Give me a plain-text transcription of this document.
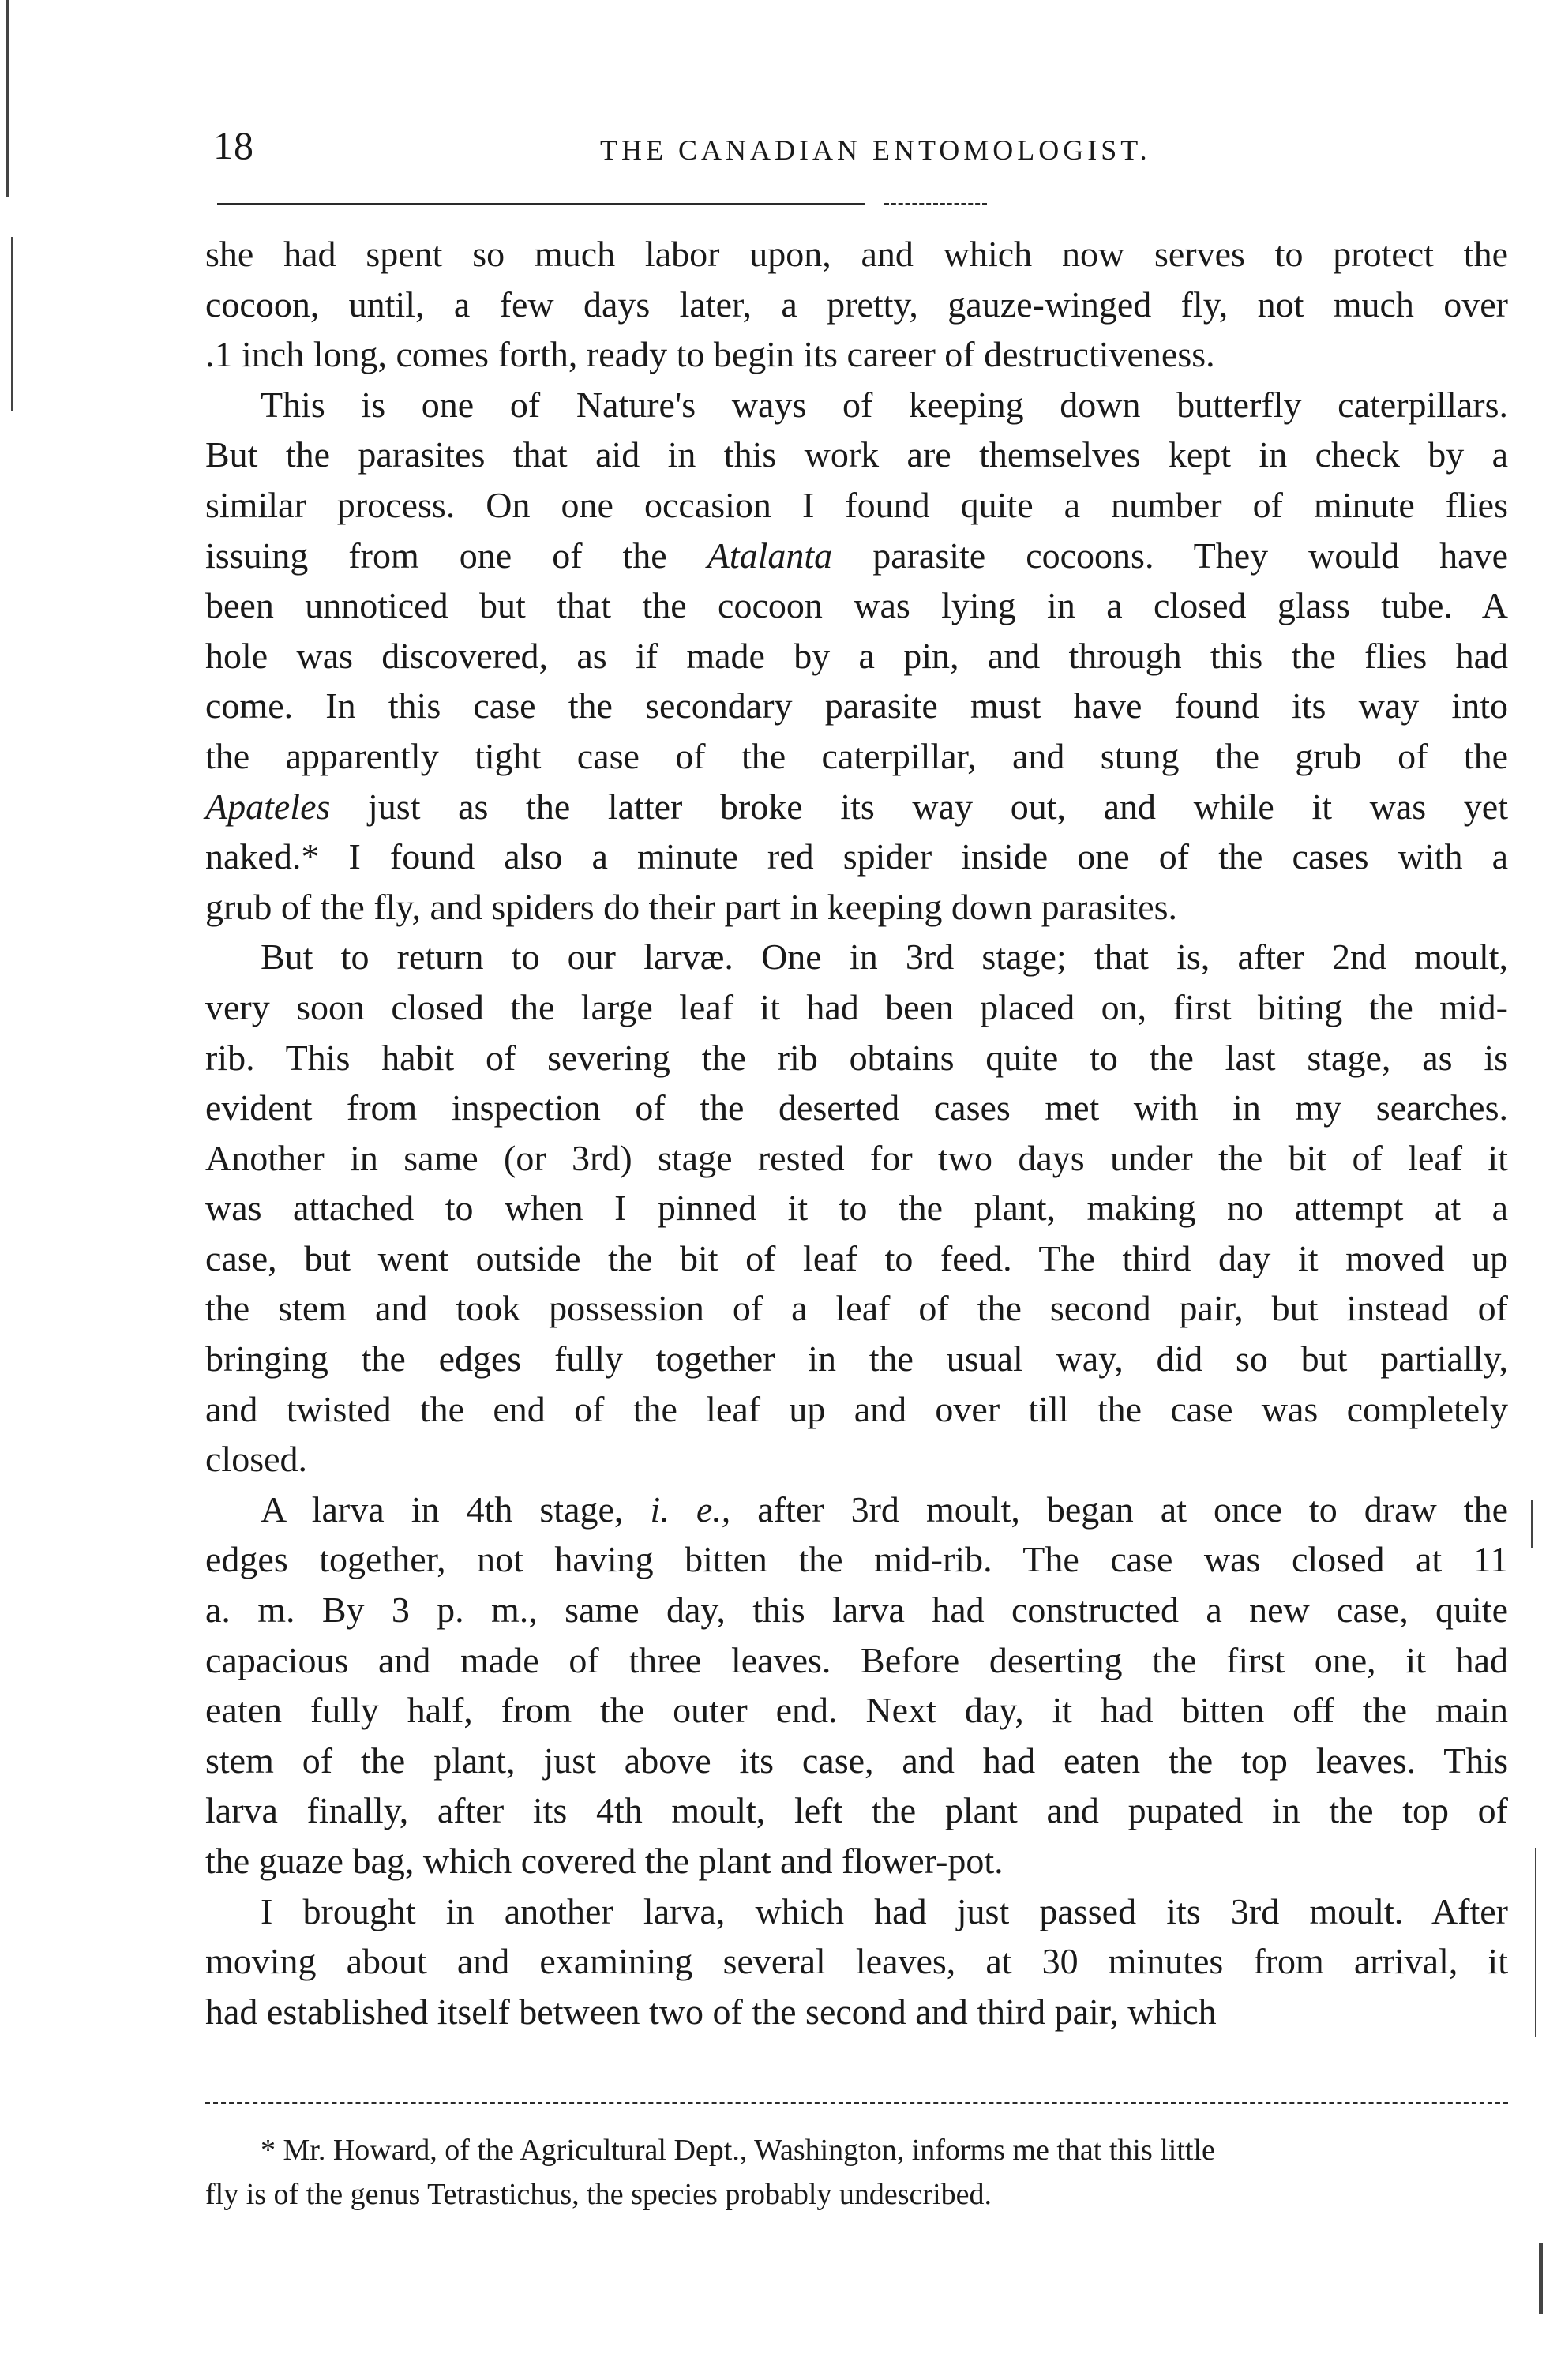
18	THE CANADIAN ENTOMOLOGIST.

she had spent so much labor upon, and which now serves to protect the
cocoon, until, a few days later, a pretty, gauze-winged fly, not much over
.1 inch long, comes forth, ready to begin its career of destructiveness.

This is one of Nature's ways of keeping down butterfly caterpillars.
But the parasites that aid in this work are themselves kept in check by a
similar process. On one occasion I found quite a number of minute flies
issuing from one of the Atalanta parasite cocoons. They would have
been unnoticed but that the cocoon was lying in a closed glass tube. A
hole was discovered, as if made by a pin, and through this the flies had
come. In this case the secondary parasite must have found its way into
the apparently tight case of the caterpillar, and stung the grub of the
Apateles just as the latter broke its way out, and while it was yet
naked.* I found also a minute red spider inside one of the cases with a
grub of the fly, and spiders do their part in keeping down parasites.

But to return to our larvæ. One in 3rd stage; that is, after 2nd moult,
very soon closed the large leaf it had been placed on, first biting the mid-
rib. This habit of severing the rib obtains quite to the last stage, as is
evident from inspection of the deserted cases met with in my searches.
Another in same (or 3rd) stage rested for two days under the bit of leaf it
was attached to when I pinned it to the plant, making no attempt at a
case, but went outside the bit of leaf to feed. The third day it moved up
the stem and took possession of a leaf of the second pair, but instead of
bringing the edges fully together in the usual way, did so but partially,
and twisted the end of the leaf up and over till the case was completely
closed.

A larva in 4th stage, i. e., after 3rd moult, began at once to draw the
edges together, not having bitten the mid-rib. The case was closed at 11
a. m. By 3 p. m., same day, this larva had constructed a new case, quite
capacious and made of three leaves. Before deserting the first one, it had
eaten fully half, from the outer end. Next day, it had bitten off the main
stem of the plant, just above its case, and had eaten the top leaves. This
larva finally, after its 4th moult, left the plant and pupated in the top of
the guaze bag, which covered the plant and flower-pot.

I brought in another larva, which had just passed its 3rd moult. After
moving about and examining several leaves, at 30 minutes from arrival, it
had established itself between two of the second and third pair, which

* Mr. Howard, of the Agricultural Dept., Washington, informs me that this little
fly is of the genus Tetrastichus, the species probably undescribed.
